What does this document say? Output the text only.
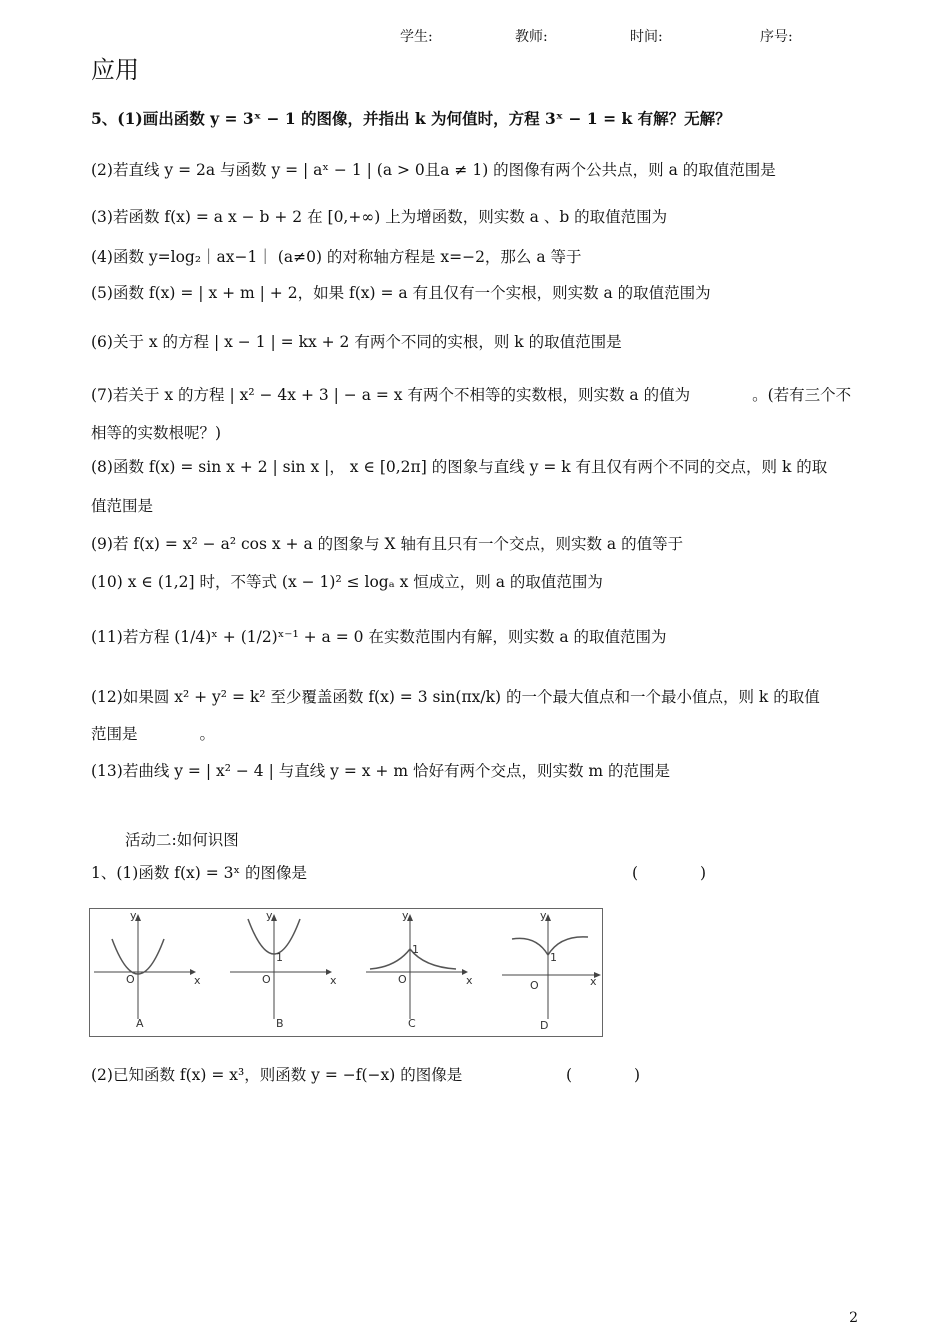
学生:	教师:	时间:	序号:
应用
5、(1)画出函数 y = 3ˣ − 1 的图像，并指出 k 为何值时，方程 3ˣ − 1 = k 有解？无解？
(2)若直线 y = 2a 与函数 y = | aˣ − 1 | (a > 0且a ≠ 1) 的图像有两个公共点，则 a 的取值范围是
(3)若函数 f(x) = a x − b + 2 在 [0,+∞) 上为增函数，则实数 a 、b 的取值范围为
(4)函数 y=log₂｜ax−1｜ (a≠0) 的对称轴方程是 x=−2，那么 a 等于
(5)函数 f(x) = | x + m | + 2，如果 f(x) = a 有且仅有一个实根，则实数 a 的取值范围为
(6)关于 x 的方程 | x − 1 | = kx + 2 有两个不同的实根，则 k 的取值范围是
(7)若关于 x 的方程 | x² − 4x + 3 | − a = x 有两个不相等的实数根，则实数 a 的值为　　　　。(若有三个不
相等的实数根呢？)
(8)函数 f(x) = sin x + 2 | sin x |， x ∈ [0,2π] 的图象与直线 y = k 有且仅有两个不同的交点，则 k 的取
值范围是
(9)若 f(x) = x² − a² cos x + a 的图象与 X 轴有且只有一个交点，则实数 a 的值等于
(10) x ∈ (1,2] 时，不等式 (x − 1)² ≤ logₐ x 恒成立，则 a 的取值范围为
(11)若方程 (1/4)ˣ + (1/2)ˣ⁻¹ + a = 0 在实数范围内有解，则实数 a 的取值范围为
(12)如果圆 x² + y² = k² 至少覆盖函数 f(x) = 3 sin(πx/k) 的一个最大值点和一个最小值点，则 k 的取值
范围是　　　　。
(13)若曲线 y = | x² − 4 | 与直线 y = x + m 恰好有两个交点，则实数 m 的范围是
活动二:如何识图
1、(1)函数 f(x) = 3ˣ 的图像是	(　　　　)
O
y
x
A
O
1
y
x
B
O
1
y
x
C
O
1
y
x
D
(2)已知函数 f(x) = x³，则函数 y = −f(−x) 的图像是	(　　　　)
2
